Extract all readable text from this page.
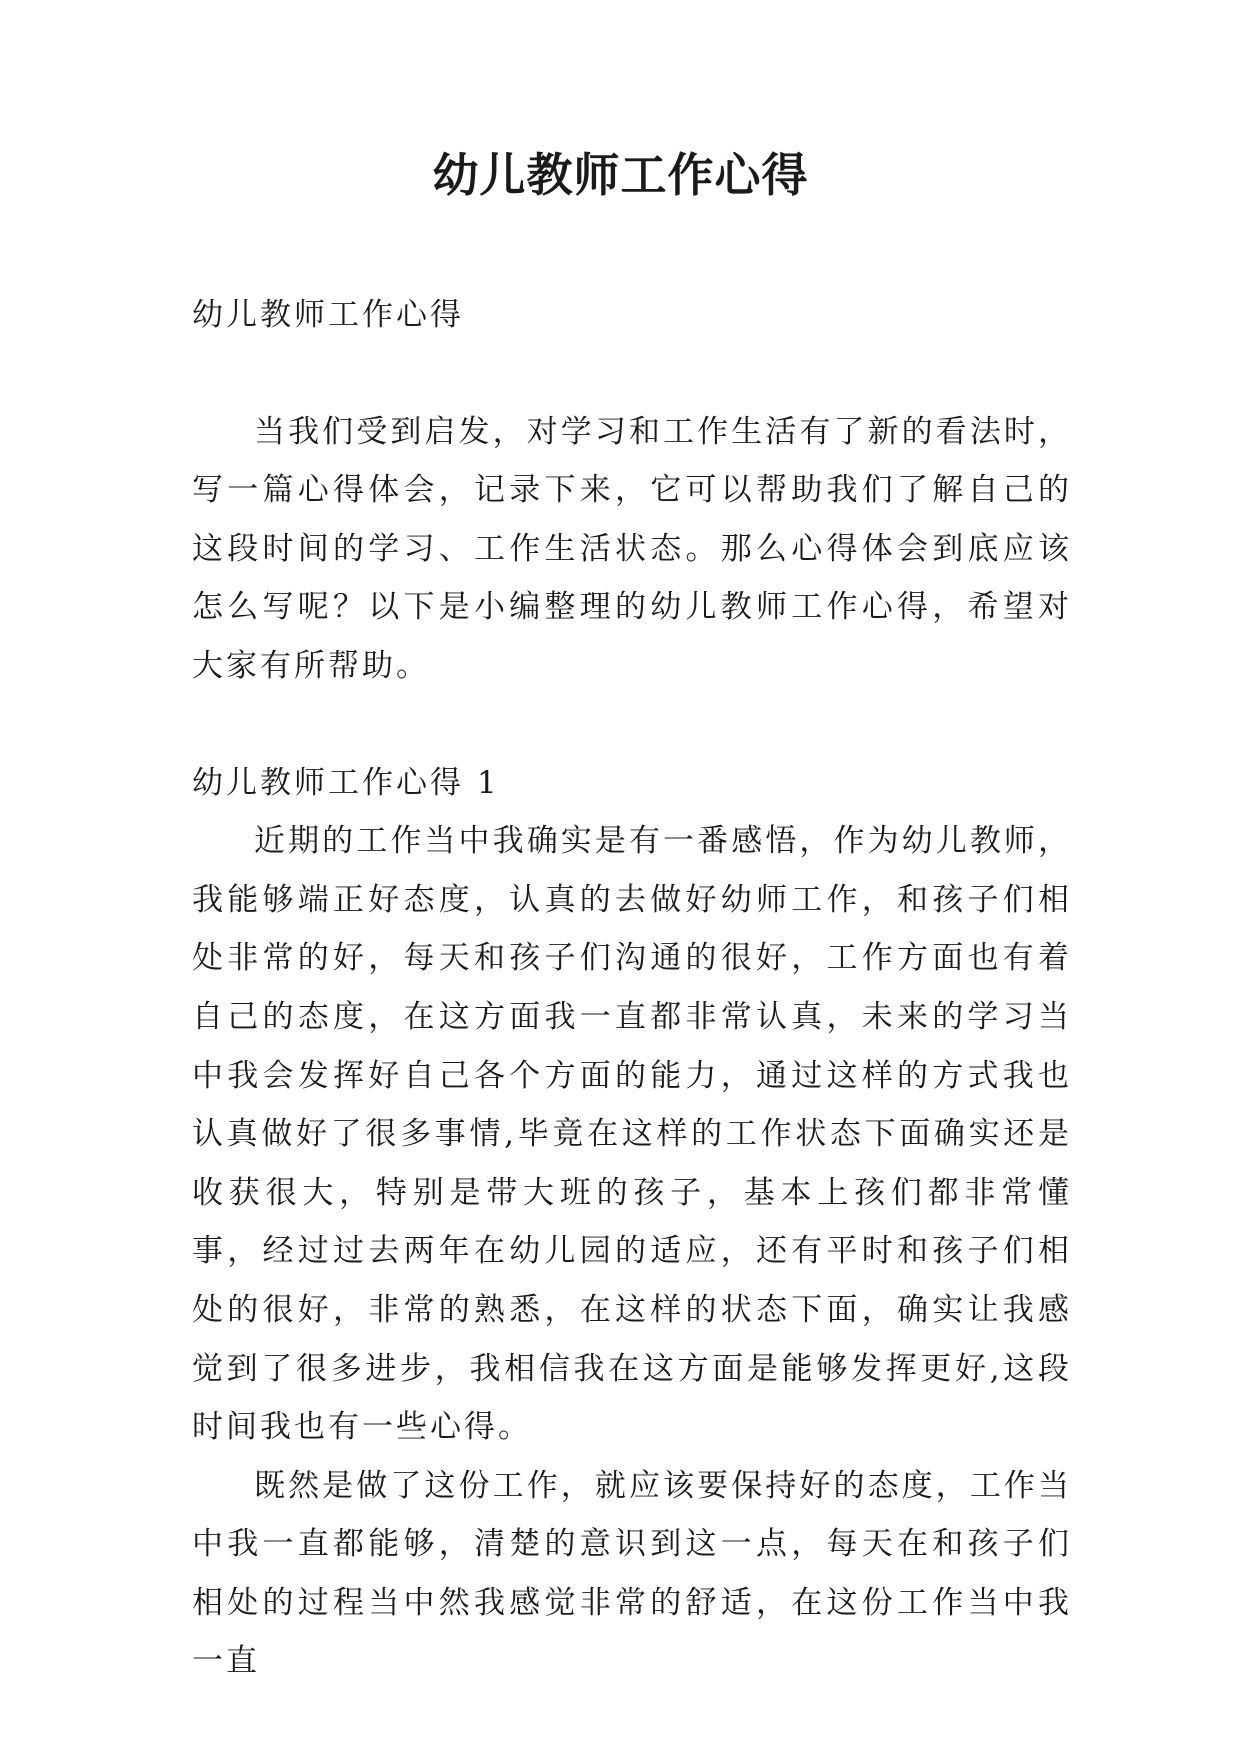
幼儿教师工作心得

幼儿教师工作心得

当我们受到启发，对学习和工作生活有了新的看法时，写一篇心得体会，记录下来，它可以帮助我们了解自己的这段时间的学习、工作生活状态。那么心得体会到底应该怎么写呢？以下是小编整理的幼儿教师工作心得，希望对大家有所帮助。

幼儿教师工作心得 1

近期的工作当中我确实是有一番感悟，作为幼儿教师，我能够端正好态度，认真的去做好幼师工作，和孩子们相处非常的好，每天和孩子们沟通的很好，工作方面也有着自己的态度，在这方面我一直都非常认真，未来的学习当中我会发挥好自己各个方面的能力，通过这样的方式我也认真做好了很多事情,毕竟在这样的工作状态下面确实还是收获很大，特别是带大班的孩子，基本上孩们都非常懂事，经过过去两年在幼儿园的适应，还有平时和孩子们相处的很好，非常的熟悉，在这样的状态下面，确实让我感觉到了很多进步，我相信我在这方面是能够发挥更好,这段时间我也有一些心得。

既然是做了这份工作，就应该要保持好的态度，工作当中我一直都能够，清楚的意识到这一点，每天在和孩子们相处的过程当中然我感觉非常的舒适，在这份工作当中我一直
